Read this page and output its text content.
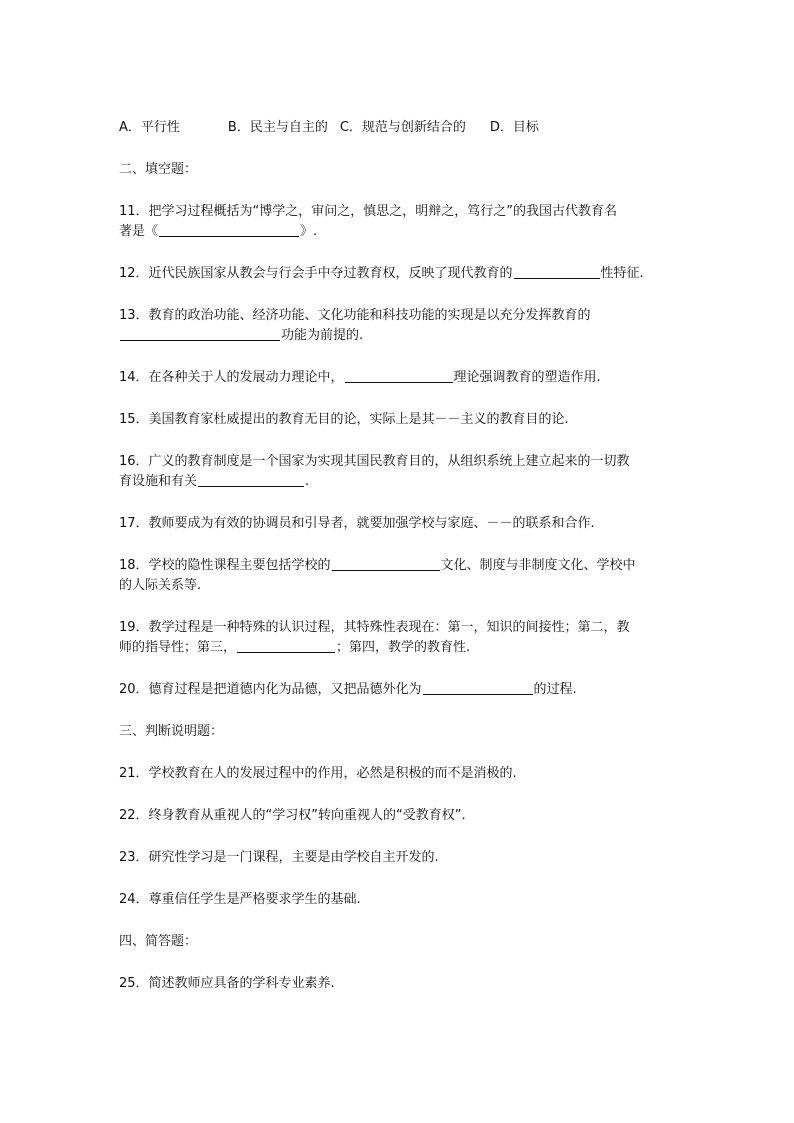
A．平行性	B．民主与自主的 C．规范与创新结合的 D．目标
二、填空题：
11．把学习过程概括为“博学之，审问之，慎思之，明辩之，笃行之”的我国古代教育名
著是《	》.
12．近代民族国家从教会与行会手中夺过教育权，反映了现代教育的	性特征.
13．教育的政治功能、经济功能、文化功能和科技功能的实现是以充分发挥教育的
功能为前提的.
14．在各种关于人的发展动力理论中，	理论强调教育的塑造作用.
15．美国教育家杜威提出的教育无目的论，实际上是其－－主义的教育目的论.
16．广义的教育制度是一个国家为实现其国民教育目的，从组织系统上建立起来的一切教
育设施和有关	.
17．教师要成为有效的协调员和引导者，就要加强学校与家庭、－－的联系和合作.
18．学校的隐性课程主要包括学校的	文化、制度与非制度文化、学校中
的人际关系等.
19．教学过程是一种特殊的认识过程，其特殊性表现在：第一，知识的间接性；第二，教
师的指导性；第三，	；第四，教学的教育性.
20．德育过程是把道德内化为品德，又把品德外化为	的过程.
三、判断说明题：
21．学校教育在人的发展过程中的作用，必然是积极的而不是消极的.
22．终身教育从重视人的“学习权”转向重视人的“受教育权”.
23．研究性学习是一门课程，主要是由学校自主开发的.
24．尊重信任学生是严格要求学生的基础.
四、简答题：
25．简述教师应具备的学科专业素养.
